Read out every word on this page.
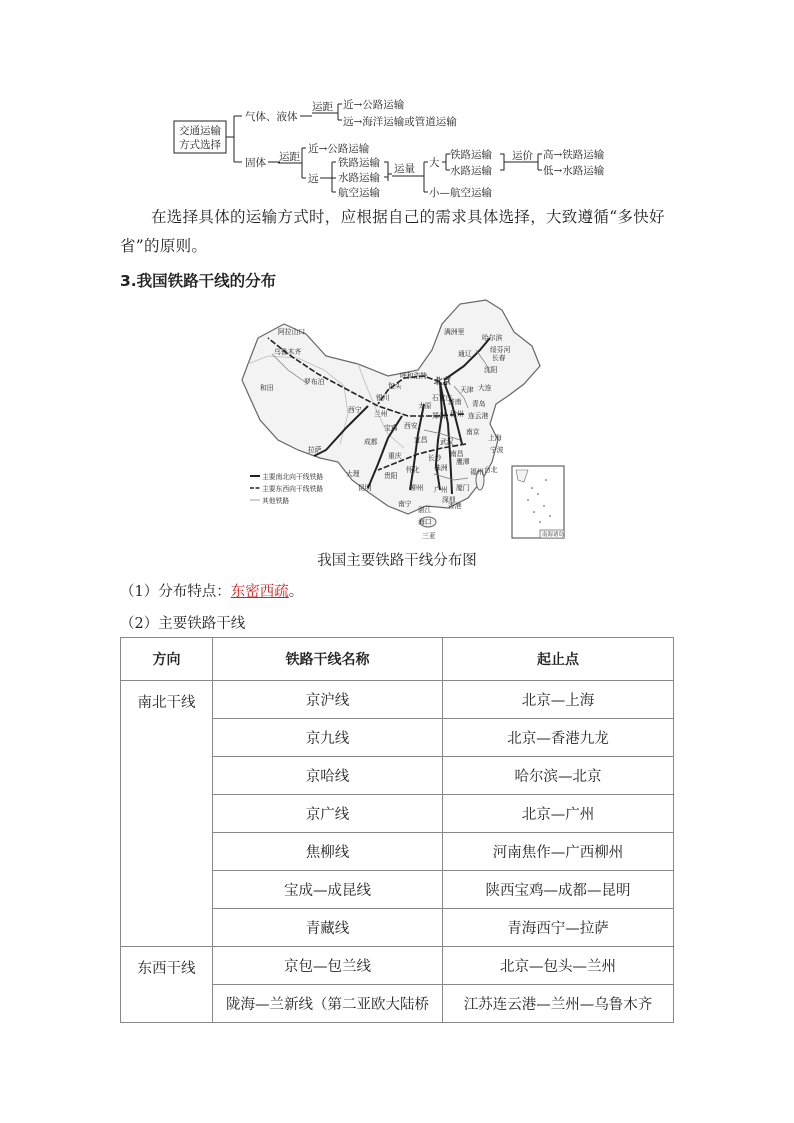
交通运输
方式选择
气体、液体
运距 近→公路运输
远→海洋运输或管道运输
固体 运距
近→公路运输
远
铁路运输
水路运输
航空运输
运量 大
铁路运输
水路运输
运价 高→铁路运输
低→水路运输
小—航空运输
在选择具体的运输方式时，应根据自己的需求具体选择，大致遵循“多快好省”的原则。
3.我国铁路干线的分布
阿拉山口
乌鲁木齐
和田
罗布泊
拉萨
满洲里
哈尔滨
绥芬河
长春
通辽
沈阳
呼和浩特
包头	北京
天津 大连
银川
西宁 兰州
太原
石家庄
济南 青岛
连云港
徐州
郑州
西安
宝鸡
成都
重庆
宜昌 武汉
南京
上海
宁波
南昌
福州 台北
长沙
贵阳
昆明	柳州
南宁
广州 厦门
深圳
香港
湛江
海口
三亚
大理
株洲
怀化
鹰潭
主要南北向干线铁路
主要东西向干线铁路
其他铁路
南海诸岛
我国主要铁路干线分布图
（1）分布特点：东密西疏。
（2）主要铁路干线
方向	铁路干线名称	起止点
南北干线	京沪线	北京—上海
	京九线	北京—香港九龙
	京哈线	哈尔滨—北京
	京广线	北京—广州
	焦柳线	河南焦作—广西柳州
	宝成—成昆线	陕西宝鸡—成都—昆明
	青藏线	青海西宁—拉萨
东西干线	京包—包兰线	北京—包头—兰州
	陇海—兰新线（第二亚欧大陆桥	江苏连云港—兰州—乌鲁木齐
